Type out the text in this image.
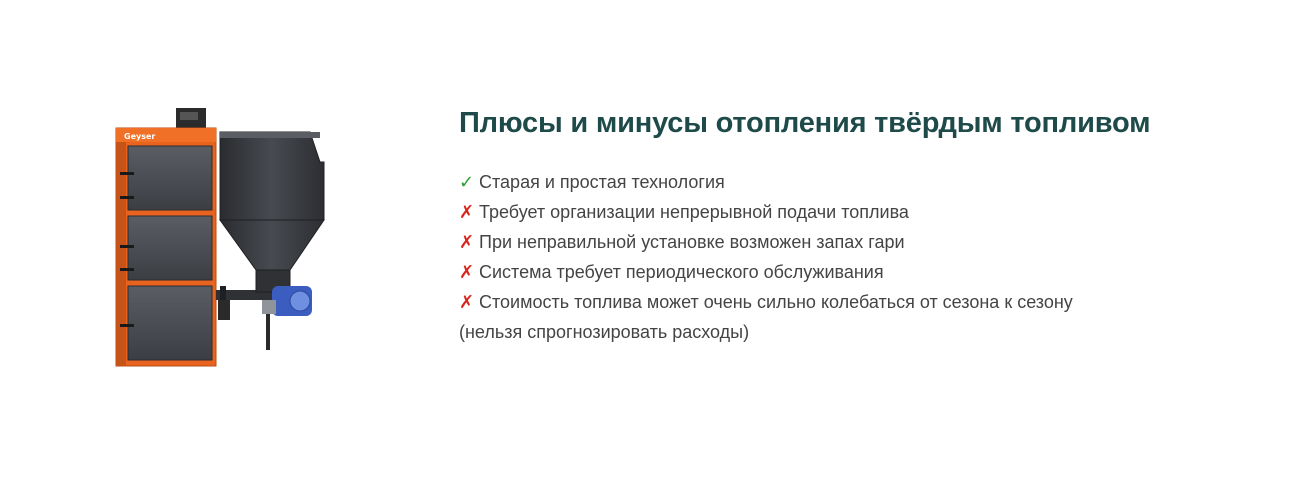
Geyser	Плюсы и минусы отопления твёрдым топливом
✓ Старая и простая технология
✗ Требует организации непрерывной подачи топлива
✗ При неправильной установке возможен запах гари
✗ Система требует периодического обслуживания
✗ Стоимость топлива может очень сильно колебаться от сезона к сезону
(нельзя спрогнозировать расходы)
